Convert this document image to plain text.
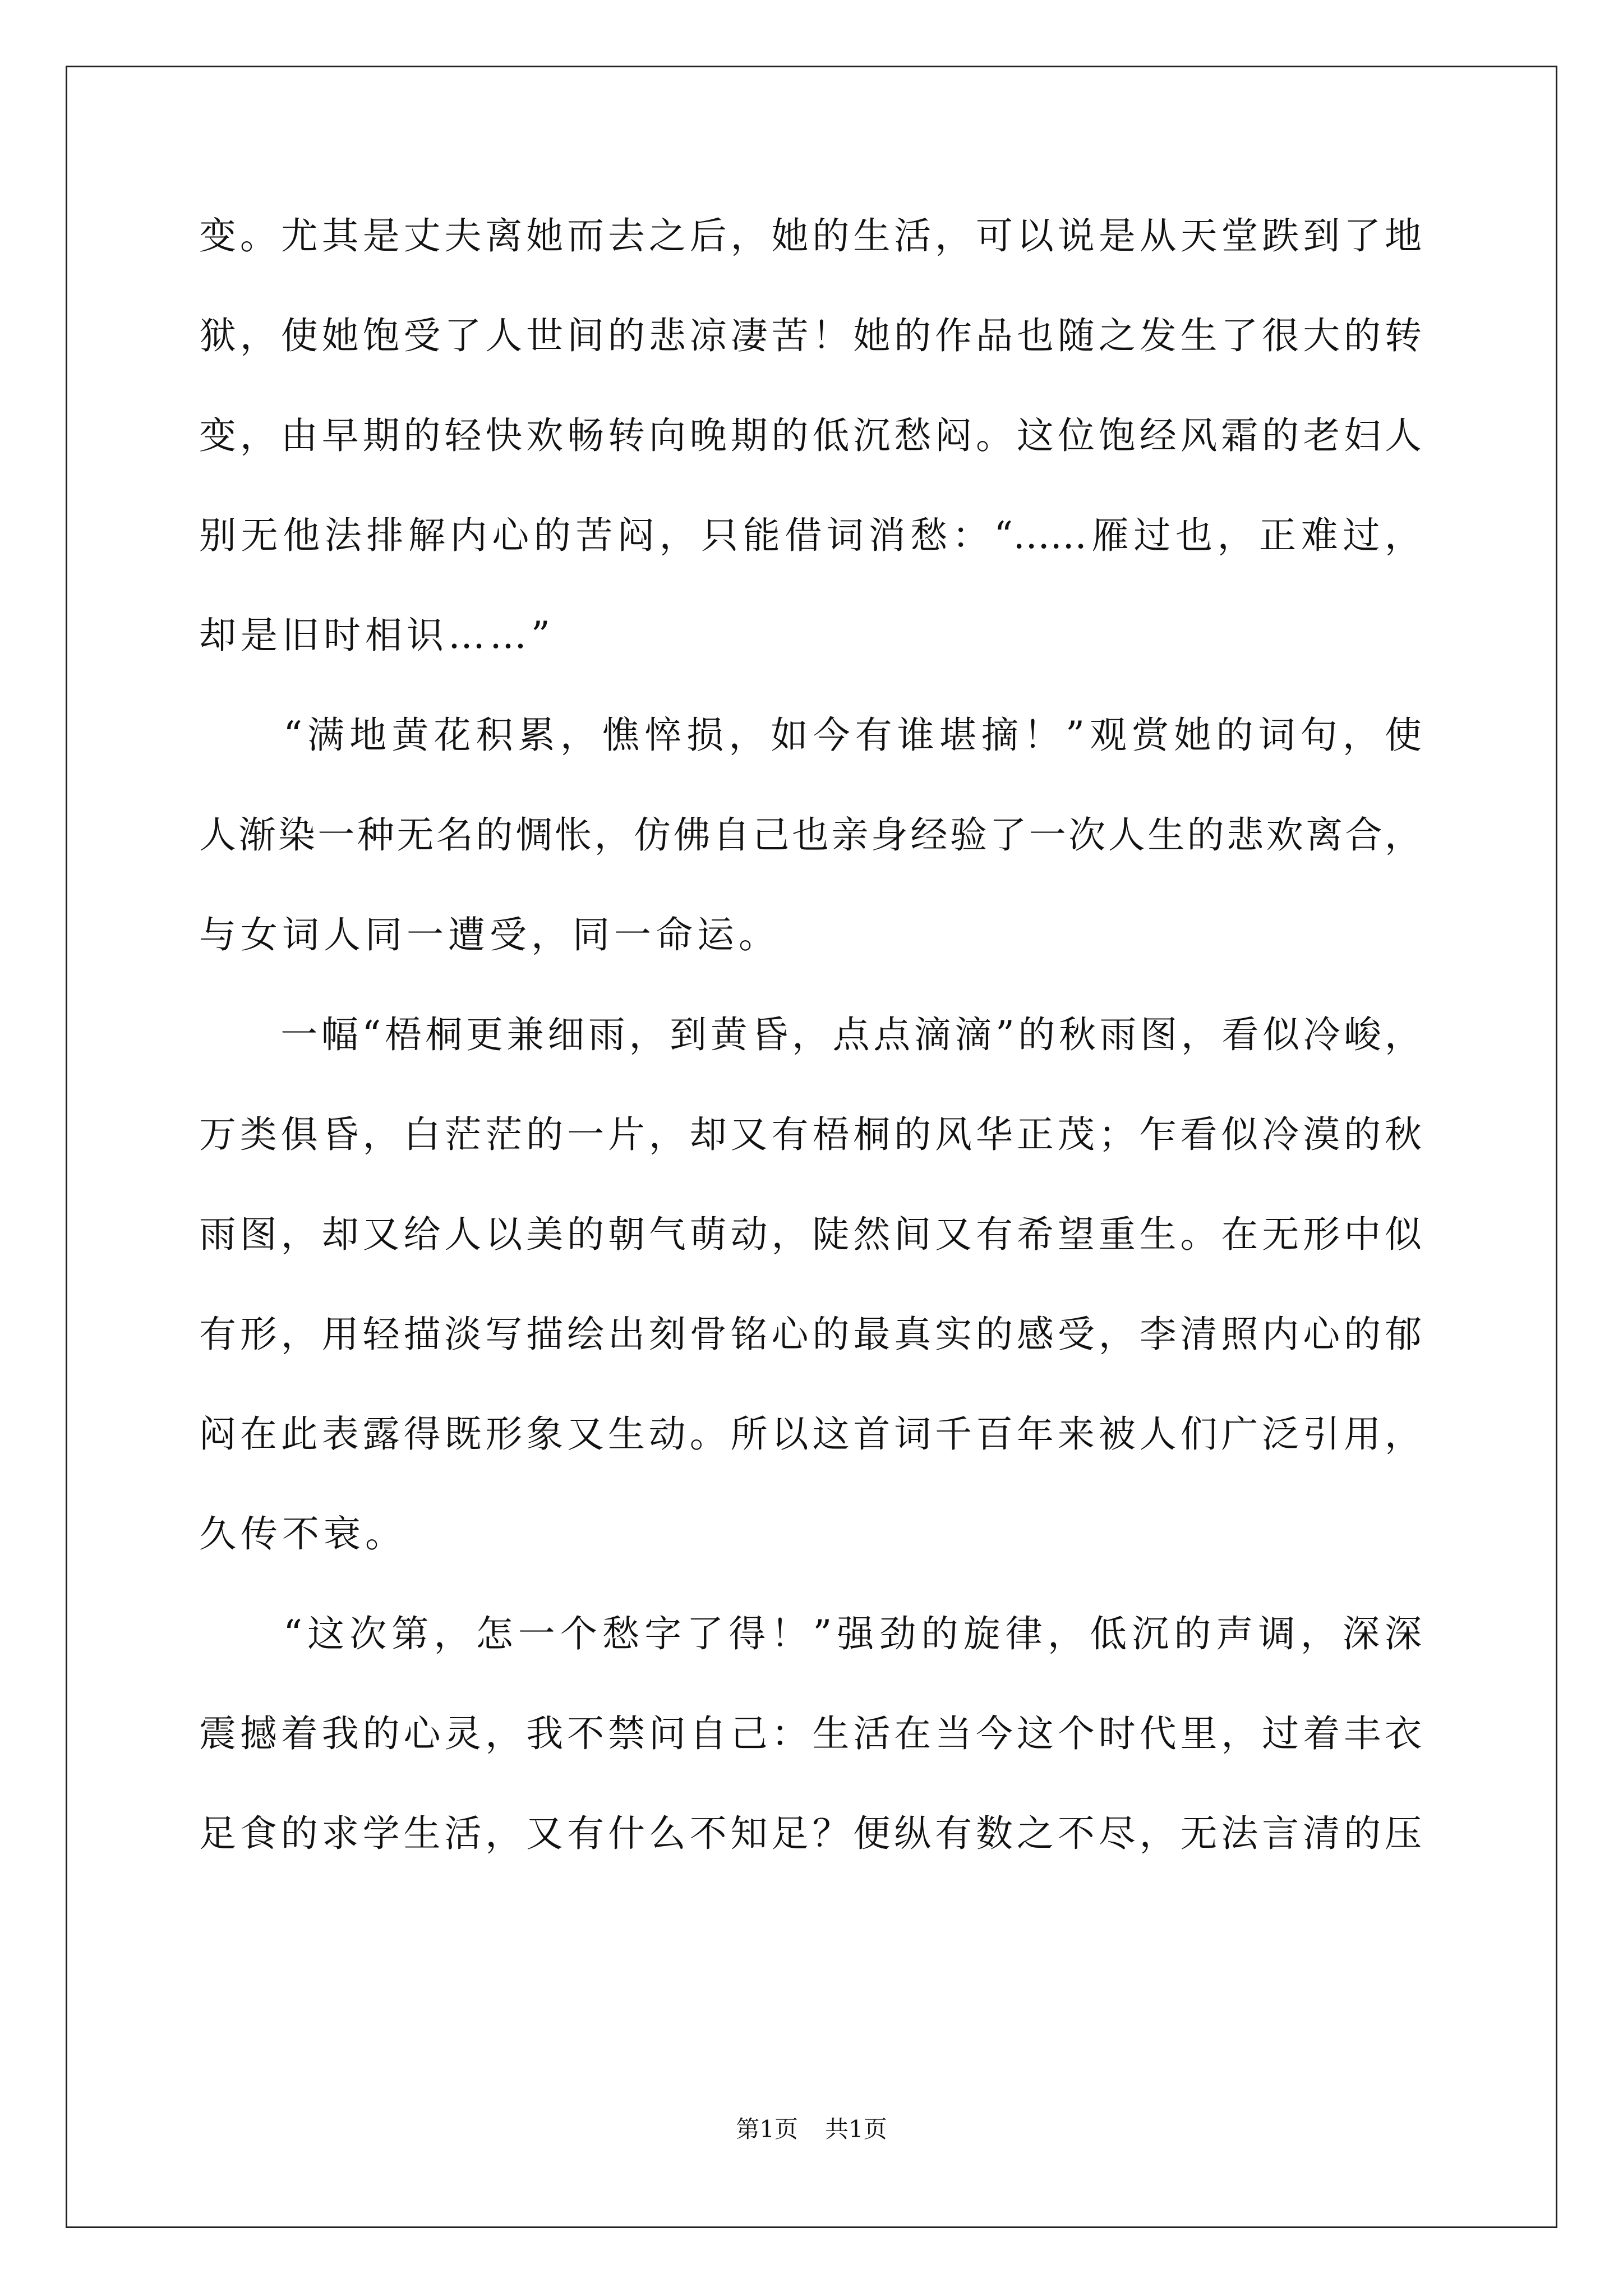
变。尤其是丈夫离她而去之后，她的生活，可以说是从天堂跌到了地
狱，使她饱受了人世间的悲凉凄苦！她的作品也随之发生了很大的转
变，由早期的轻快欢畅转向晚期的低沉愁闷。这位饱经风霜的老妇人
别无他法排解内心的苦闷，只能借词消愁：“……雁过也，正难过，
却是旧时相识……”
　　“满地黄花积累，憔悴损，如今有谁堪摘！”观赏她的词句，使
人渐染一种无名的惆怅，仿佛自己也亲身经验了一次人生的悲欢离合，
与女词人同一遭受，同一命运。
　　一幅“梧桐更兼细雨，到黄昏，点点滴滴”的秋雨图，看似冷峻，
万类俱昏，白茫茫的一片，却又有梧桐的风华正茂；乍看似冷漠的秋
雨图，却又给人以美的朝气萌动，陡然间又有希望重生。在无形中似
有形，用轻描淡写描绘出刻骨铭心的最真实的感受，李清照内心的郁
闷在此表露得既形象又生动。所以这首词千百年来被人们广泛引用，
久传不衰。
　　“这次第，怎一个愁字了得！”强劲的旋律，低沉的声调，深深
震撼着我的心灵，我不禁问自己：生活在当今这个时代里，过着丰衣
足食的求学生活，又有什么不知足？便纵有数之不尽，无法言清的压
第1页 共1页
